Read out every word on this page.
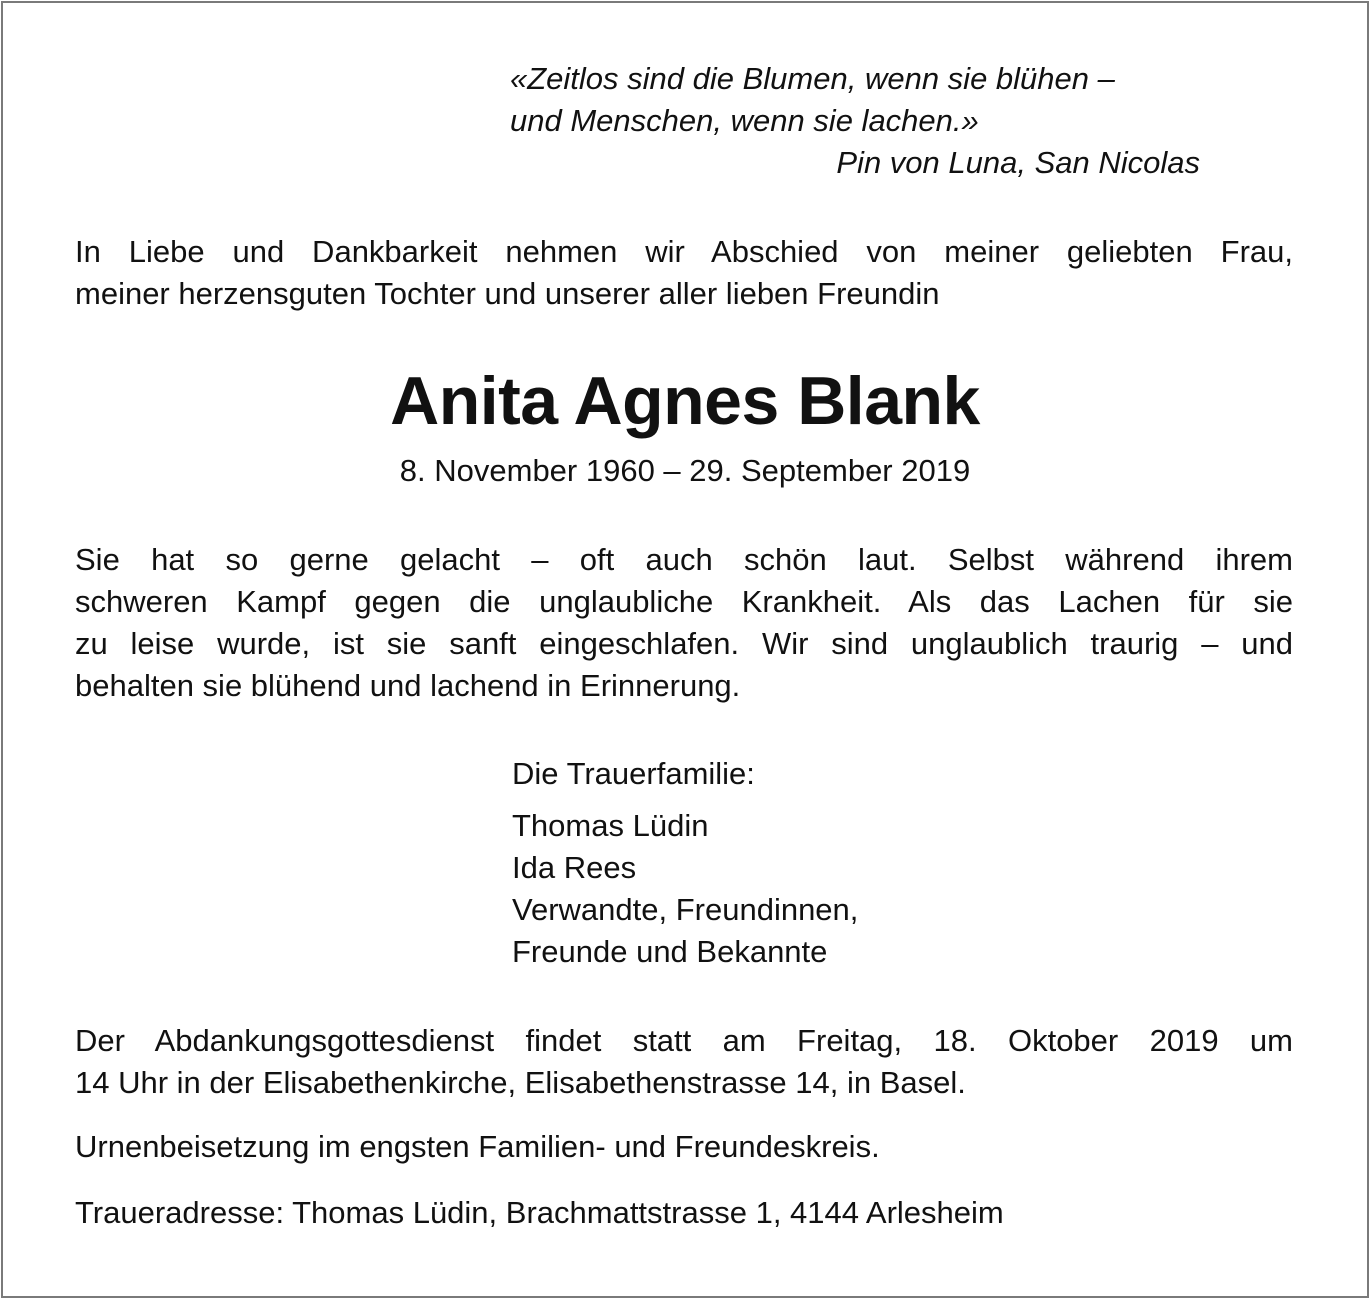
«Zeitlos sind die Blumen, wenn sie blühen –
und Menschen, wenn sie lachen.»
Pin von Luna, San Nicolas
In Liebe und Dankbarkeit nehmen wir Abschied von meiner geliebten Frau,
meiner herzensguten Tochter und unserer aller lieben Freundin
Anita Agnes Blank
8. November 1960 – 29. September 2019
Sie hat so gerne gelacht – oft auch schön laut. Selbst während ihrem
schweren Kampf gegen die unglaubliche Krankheit. Als das Lachen für sie
zu leise wurde, ist sie sanft eingeschlafen. Wir sind unglaublich traurig – und
behalten sie blühend und lachend in Erinnerung.
Die Trauerfamilie:
Thomas Lüdin
Ida Rees
Verwandte, Freundinnen,
Freunde und Bekannte
Der Abdankungsgottesdienst findet statt am Freitag, 18. Oktober 2019 um
14 Uhr in der Elisabethenkirche, Elisabethenstrasse 14, in Basel.
Urnenbeisetzung im engsten Familien- und Freundeskreis.
Traueradresse: Thomas Lüdin, Brachmattstrasse 1, 4144 Arlesheim
